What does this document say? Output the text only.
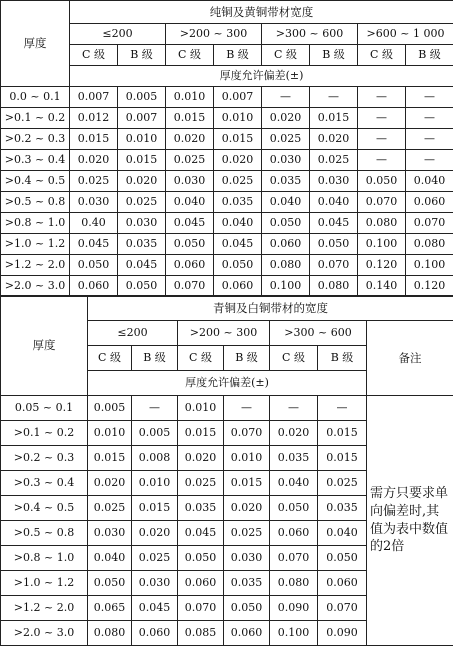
厚度	纯铜及黄铜带材宽度							
	≤200		>200 ~ 300		>300 ~ 600		>600 ~ 1 000	
	C 级	B 级	C 级	B 级	C 级	B 级	C 级	B 级
	厚度允许偏差(±)							
0.0 ~ 0.1	0.007	0.005	0.010	0.007	—	—	—	—
>0.1 ~ 0.2	0.012	0.007	0.015	0.010	0.020	0.015	—	—
>0.2 ~ 0.3	0.015	0.010	0.020	0.015	0.025	0.020	—	—
>0.3 ~ 0.4	0.020	0.015	0.025	0.020	0.030	0.025	—	—
>0.4 ~ 0.5	0.025	0.020	0.030	0.025	0.035	0.030	0.050	0.040
>0.5 ~ 0.8	0.030	0.025	0.040	0.035	0.040	0.040	0.070	0.060
>0.8 ~ 1.0	0.40	0.030	0.045	0.040	0.050	0.045	0.080	0.070
>1.0 ~ 1.2	0.045	0.035	0.050	0.045	0.060	0.050	0.100	0.080
>1.2 ~ 2.0	0.050	0.045	0.060	0.050	0.080	0.070	0.120	0.100
>2.0 ~ 3.0	0.060	0.050	0.070	0.060	0.100	0.080	0.140	0.120
厚度	青铜及白铜带材的宽度						
	≤200		>200 ~ 300		>300 ~ 600		备注
	C 级	B 级	C 级	B 级	C 级	B 级	
	厚度允许偏差(±)						
0.05 ~ 0.1	0.005	—	0.010	—	—	—	需方只要求单向偏差时,其值为表中数值的2倍
>0.1 ~ 0.2	0.010	0.005	0.015	0.070	0.020	0.015	
>0.2 ~ 0.3	0.015	0.008	0.020	0.010	0.035	0.015	
>0.3 ~ 0.4	0.020	0.010	0.025	0.015	0.040	0.025	
>0.4 ~ 0.5	0.025	0.015	0.035	0.020	0.050	0.035	
>0.5 ~ 0.8	0.030	0.020	0.045	0.025	0.060	0.040	
>0.8 ~ 1.0	0.040	0.025	0.050	0.030	0.070	0.050	
>1.0 ~ 1.2	0.050	0.030	0.060	0.035	0.080	0.060	
>1.2 ~ 2.0	0.065	0.045	0.070	0.050	0.090	0.070	
>2.0 ~ 3.0	0.080	0.060	0.085	0.060	0.100	0.090	
